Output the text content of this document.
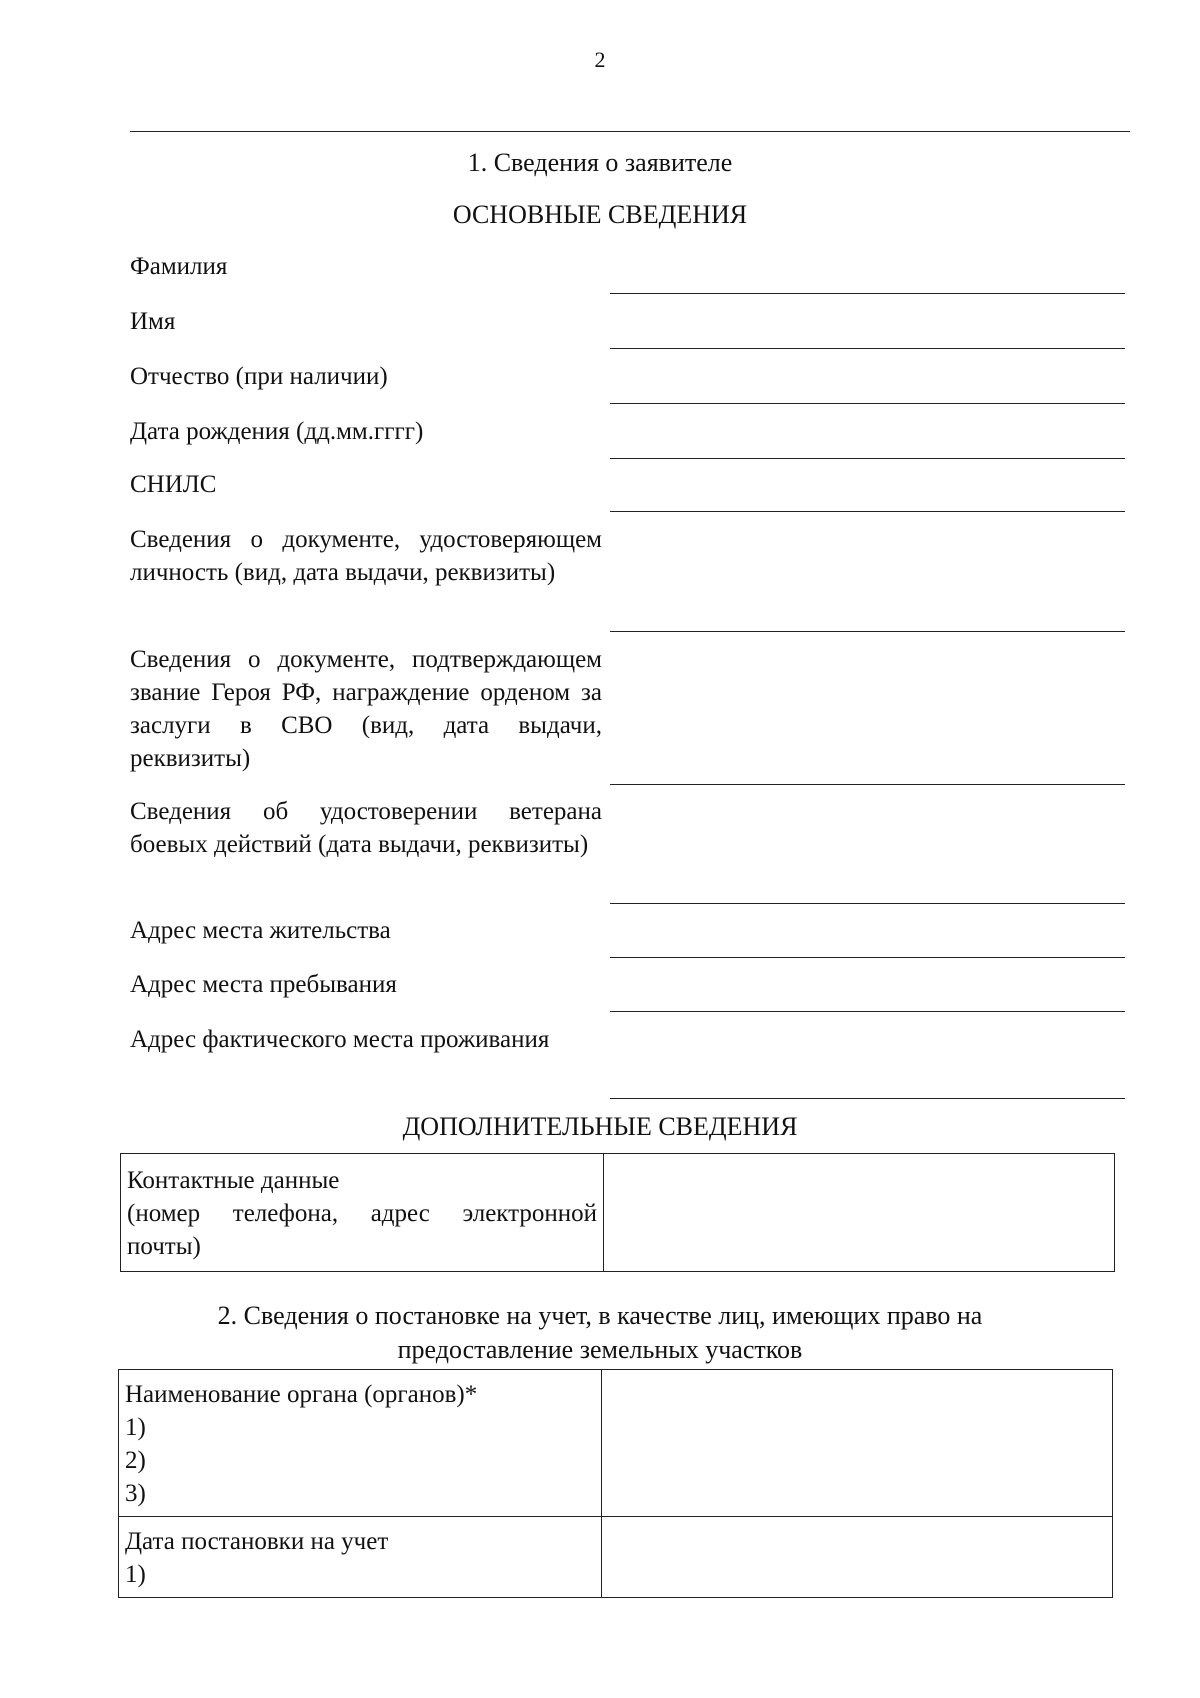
2
1. Сведения о заявителе
ОСНОВНЫЕ СВЕДЕНИЯ
Фамилия
Имя
Отчество (при наличии)
Дата рождения (дд.мм.гггг)
СНИЛС
Сведения о документе, удостоверяющем личность (вид, дата выдачи, реквизиты)
Сведения о документе, подтверждающем звание Героя РФ, награждение орденом за заслуги в СВО (вид, дата выдачи, реквизиты)
Сведения об удостоверении ветерана боевых действий (дата выдачи, реквизиты)
Адрес места жительства
Адрес места пребывания
Адрес фактического места проживания
ДОПОЛНИТЕЛЬНЫЕ СВЕДЕНИЯ
Контактные данные
(номер телефона, адрес электронной
почты)

2. Сведения о постановке на учет, в качестве лиц, имеющих право на
предоставление земельных участков
Наименование органа (органов)*
1)
2)
3)	

Дата постановки на учет
1)	
